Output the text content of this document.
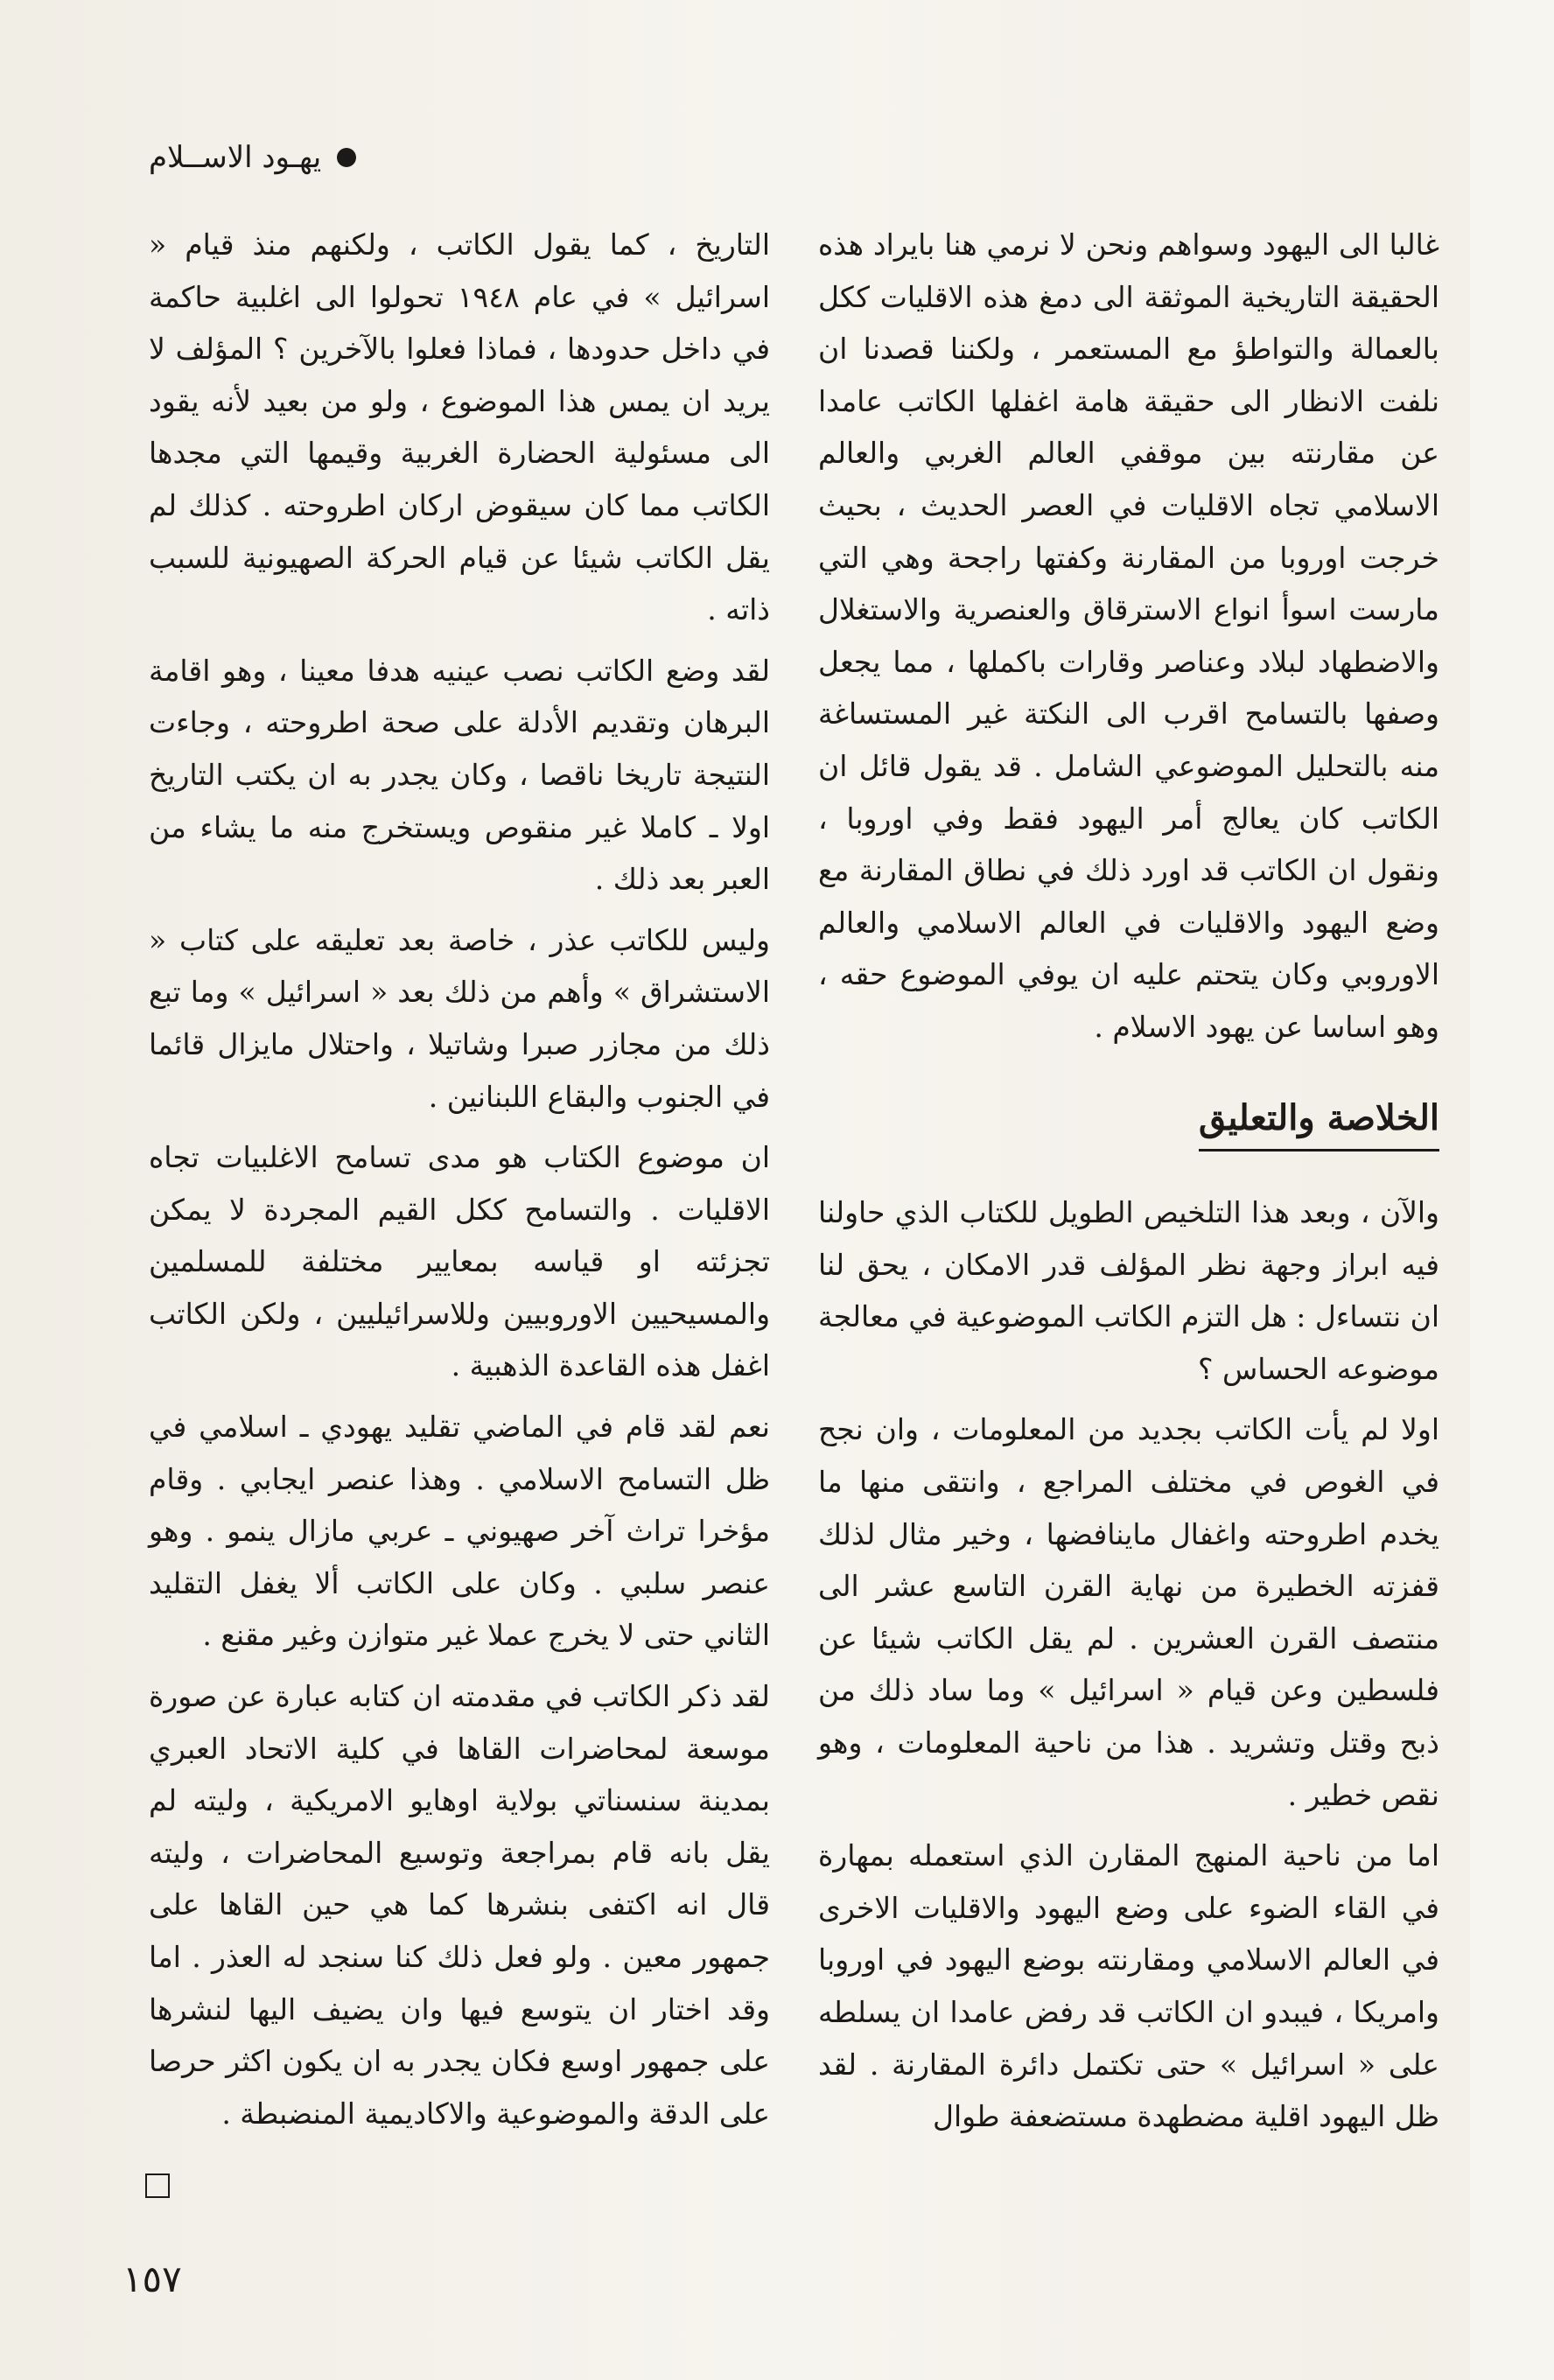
يهـود الاســلام

غالبا الى اليهود وسواهم ونحن لا نرمي هنا بايراد هذه الحقيقة التاريخية الموثقة الى دمغ هذه الاقليات ككل بالعمالة والتواطؤ مع المستعمر ، ولكننا قصدنا ان نلفت الانظار الى حقيقة هامة اغفلها الكاتب عامدا عن مقارنته بين موقفي العالم الغربي والعالم الاسلامي تجاه الاقليات في العصر الحديث ، بحيث خرجت اوروبا من المقارنة وكفتها راجحة وهي التي مارست اسوأ انواع الاسترقاق والعنصرية والاستغلال والاضطهاد لبلاد وعناصر وقارات باكملها ، مما يجعل وصفها بالتسامح اقرب الى النكتة غير المستساغة منه بالتحليل الموضوعي الشامل . قد يقول قائل ان الكاتب كان يعالج أمر اليهود فقط وفي اوروبا ، ونقول ان الكاتب قد اورد ذلك في نطاق المقارنة مع وضع اليهود والاقليات في العالم الاسلامي والعالم الاوروبي وكان يتحتم عليه ان يوفي الموضوع حقه ، وهو اساسا عن يهود الاسلام .

الخلاصة والتعليق

والآن ، وبعد هذا التلخيص الطويل للكتاب الذي حاولنا فيه ابراز وجهة نظر المؤلف قدر الامكان ، يحق لنا ان نتساءل : هل التزم الكاتب الموضوعية في معالجة موضوعه الحساس ؟

اولا لم يأت الكاتب بجديد من المعلومات ، وان نجح في الغوص في مختلف المراجع ، وانتقى منها ما يخدم اطروحته واغفال ماينافضها ، وخير مثال لذلك قفزته الخطيرة من نهاية القرن التاسع عشر الى منتصف القرن العشرين . لم يقل الكاتب شيئا عن فلسطين وعن قيام « اسرائيل » وما ساد ذلك من ذبح وقتل وتشريد . هذا من ناحية المعلومات ، وهو نقص خطير .

اما من ناحية المنهج المقارن الذي استعمله بمهارة في القاء الضوء على وضع اليهود والاقليات الاخرى في العالم الاسلامي ومقارنته بوضع اليهود في اوروبا وامريكا ، فيبدو ان الكاتب قد رفض عامدا ان يسلطه على « اسرائيل » حتى تكتمل دائرة المقارنة . لقد ظل اليهود اقلية مضطهدة مستضعفة طوال

التاريخ ، كما يقول الكاتب ، ولكنهم منذ قيام « اسرائيل » في عام ١٩٤٨ تحولوا الى اغلبية حاكمة في داخل حدودها ، فماذا فعلوا بالآخرين ؟ المؤلف لا يريد ان يمس هذا الموضوع ، ولو من بعيد لأنه يقود الى مسئولية الحضارة الغربية وقيمها التي مجدها الكاتب مما كان سيقوض اركان اطروحته . كذلك لم يقل الكاتب شيئا عن قيام الحركة الصهيونية للسبب ذاته .

لقد وضع الكاتب نصب عينيه هدفا معينا ، وهو اقامة البرهان وتقديم الأدلة على صحة اطروحته ، وجاءت النتيجة تاريخا ناقصا ، وكان يجدر به ان يكتب التاريخ اولا ـ كاملا غير منقوص ويستخرج منه ما يشاء من العبر بعد ذلك .

وليس للكاتب عذر ، خاصة بعد تعليقه على كتاب « الاستشراق » وأهم من ذلك بعد « اسرائيل » وما تبع ذلك من مجازر صبرا وشاتيلا ، واحتلال مايزال قائما في الجنوب والبقاع اللبنانين .

ان موضوع الكتاب هو مدى تسامح الاغلبيات تجاه الاقليات . والتسامح ككل القيم المجردة لا يمكن تجزئته او قياسه بمعايير مختلفة للمسلمين والمسيحيين الاوروبيين وللاسرائيليين ، ولكن الكاتب اغفل هذه القاعدة الذهبية .

نعم لقد قام في الماضي تقليد يهودي ـ اسلامي في ظل التسامح الاسلامي . وهذا عنصر ايجابي . وقام مؤخرا تراث آخر صهيوني ـ عربي مازال ينمو . وهو عنصر سلبي . وكان على الكاتب ألا يغفل التقليد الثاني حتى لا يخرج عملا غير متوازن وغير مقنع .

لقد ذكر الكاتب في مقدمته ان كتابه عبارة عن صورة موسعة لمحاضرات القاها في كلية الاتحاد العبري بمدينة سنسناتي بولاية اوهايو الامريكية ، وليته لم يقل بانه قام بمراجعة وتوسيع المحاضرات ، وليته قال انه اكتفى بنشرها كما هي حين القاها على جمهور معين . ولو فعل ذلك كنا سنجد له العذر . اما وقد اختار ان يتوسع فيها وان يضيف اليها لنشرها على جمهور اوسع فكان يجدر به ان يكون اكثر حرصا على الدقة والموضوعية والاكاديمية المنضبطة .

١٥٧
